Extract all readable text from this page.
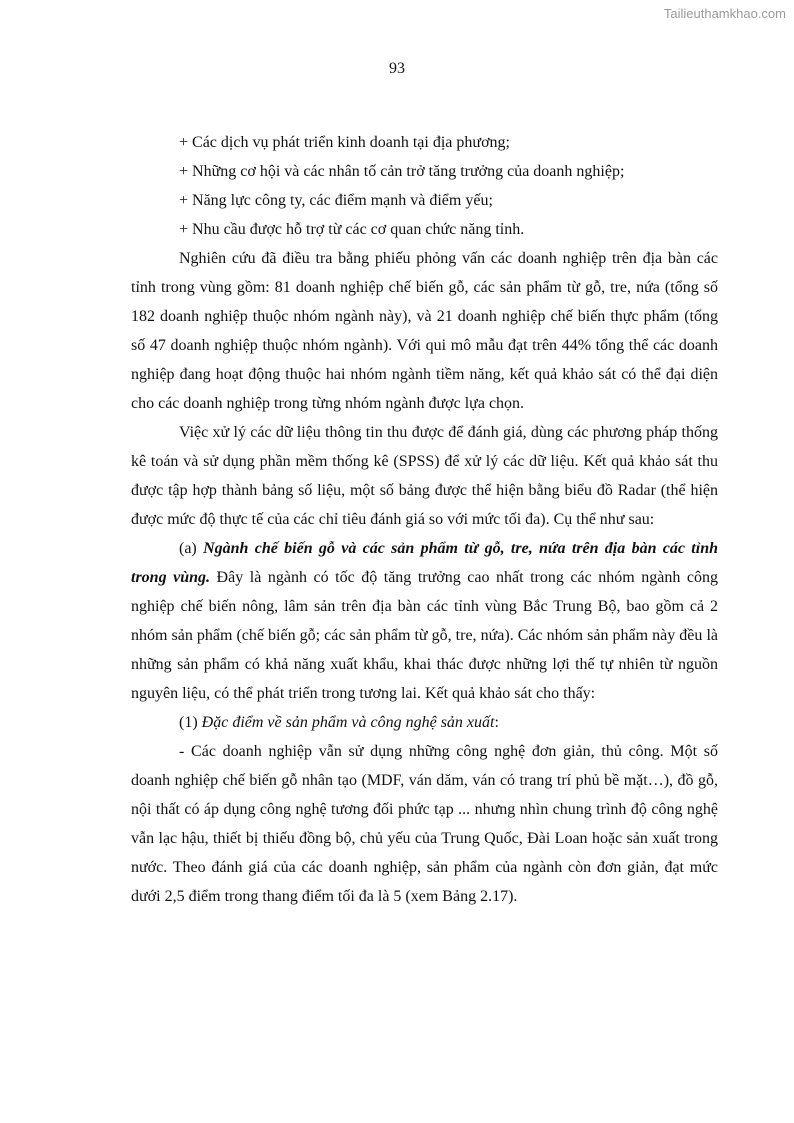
Tailieuthamkhao.com
93

+ Các dịch vụ phát triển kinh doanh tại địa phương;

+ Những cơ hội và các nhân tố cản trở tăng trưởng của doanh nghiệp;

+ Năng lực công ty, các điểm mạnh và điểm yếu;

+ Nhu cầu được hỗ trợ từ các cơ quan chức năng tỉnh.

Nghiên cứu đã điều tra bằng phiếu phỏng vấn các doanh nghiệp trên địa bàn các tỉnh trong vùng gồm: 81 doanh nghiệp chế biến gỗ, các sản phẩm từ gỗ, tre, nứa (tổng số 182 doanh nghiệp thuộc nhóm ngành này), và 21 doanh nghiệp chế biến thực phẩm (tổng số 47 doanh nghiệp thuộc nhóm ngành). Với qui mô mẫu đạt trên 44% tổng thể các doanh nghiệp đang hoạt động thuộc hai nhóm ngành tiềm năng, kết quả khảo sát có thể đại diện cho các doanh nghiệp trong từng nhóm ngành được lựa chọn.

Việc xử lý các dữ liệu thông tin thu được để đánh giá, dùng các phương pháp thống kê toán và sử dụng phần mềm thống kê (SPSS) để xử lý các dữ liệu. Kết quả khảo sát thu được tập hợp thành bảng số liệu, một số bảng được thể hiện bằng biểu đồ Radar (thể hiện được mức độ thực tế của các chỉ tiêu đánh giá so với mức tối đa). Cụ thể như sau:

(a) Ngành chế biến gỗ và các sản phẩm từ gỗ, tre, nứa trên địa bàn các tỉnh trong vùng. Đây là ngành có tốc độ tăng trưởng cao nhất trong các nhóm ngành công nghiệp chế biến nông, lâm sản trên địa bàn các tỉnh vùng Bắc Trung Bộ, bao gồm cả 2 nhóm sản phẩm (chế biến gỗ; các sản phẩm từ gỗ, tre, nứa). Các nhóm sản phẩm này đều là những sản phẩm có khả năng xuất khẩu, khai thác được những lợi thế tự nhiên từ nguồn nguyên liệu, có thể phát triển trong tương lai. Kết quả khảo sát cho thấy:

(1) Đặc điểm về sản phẩm và công nghệ sản xuất:

- Các doanh nghiệp vẫn sử dụng những công nghệ đơn giản, thủ công. Một số doanh nghiệp chế biến gỗ nhân tạo (MDF, ván dăm, ván có trang trí phủ bề mặt…), đồ gỗ, nội thất có áp dụng công nghệ tương đối phức tạp ... nhưng nhìn chung trình độ công nghệ vẫn lạc hậu, thiết bị thiếu đồng bộ, chủ yếu của Trung Quốc, Đài Loan hoặc sản xuất trong nước. Theo đánh giá của các doanh nghiệp, sản phẩm của ngành còn đơn giản, đạt mức dưới 2,5 điểm trong thang điểm tối đa là 5 (xem Bảng 2.17).
